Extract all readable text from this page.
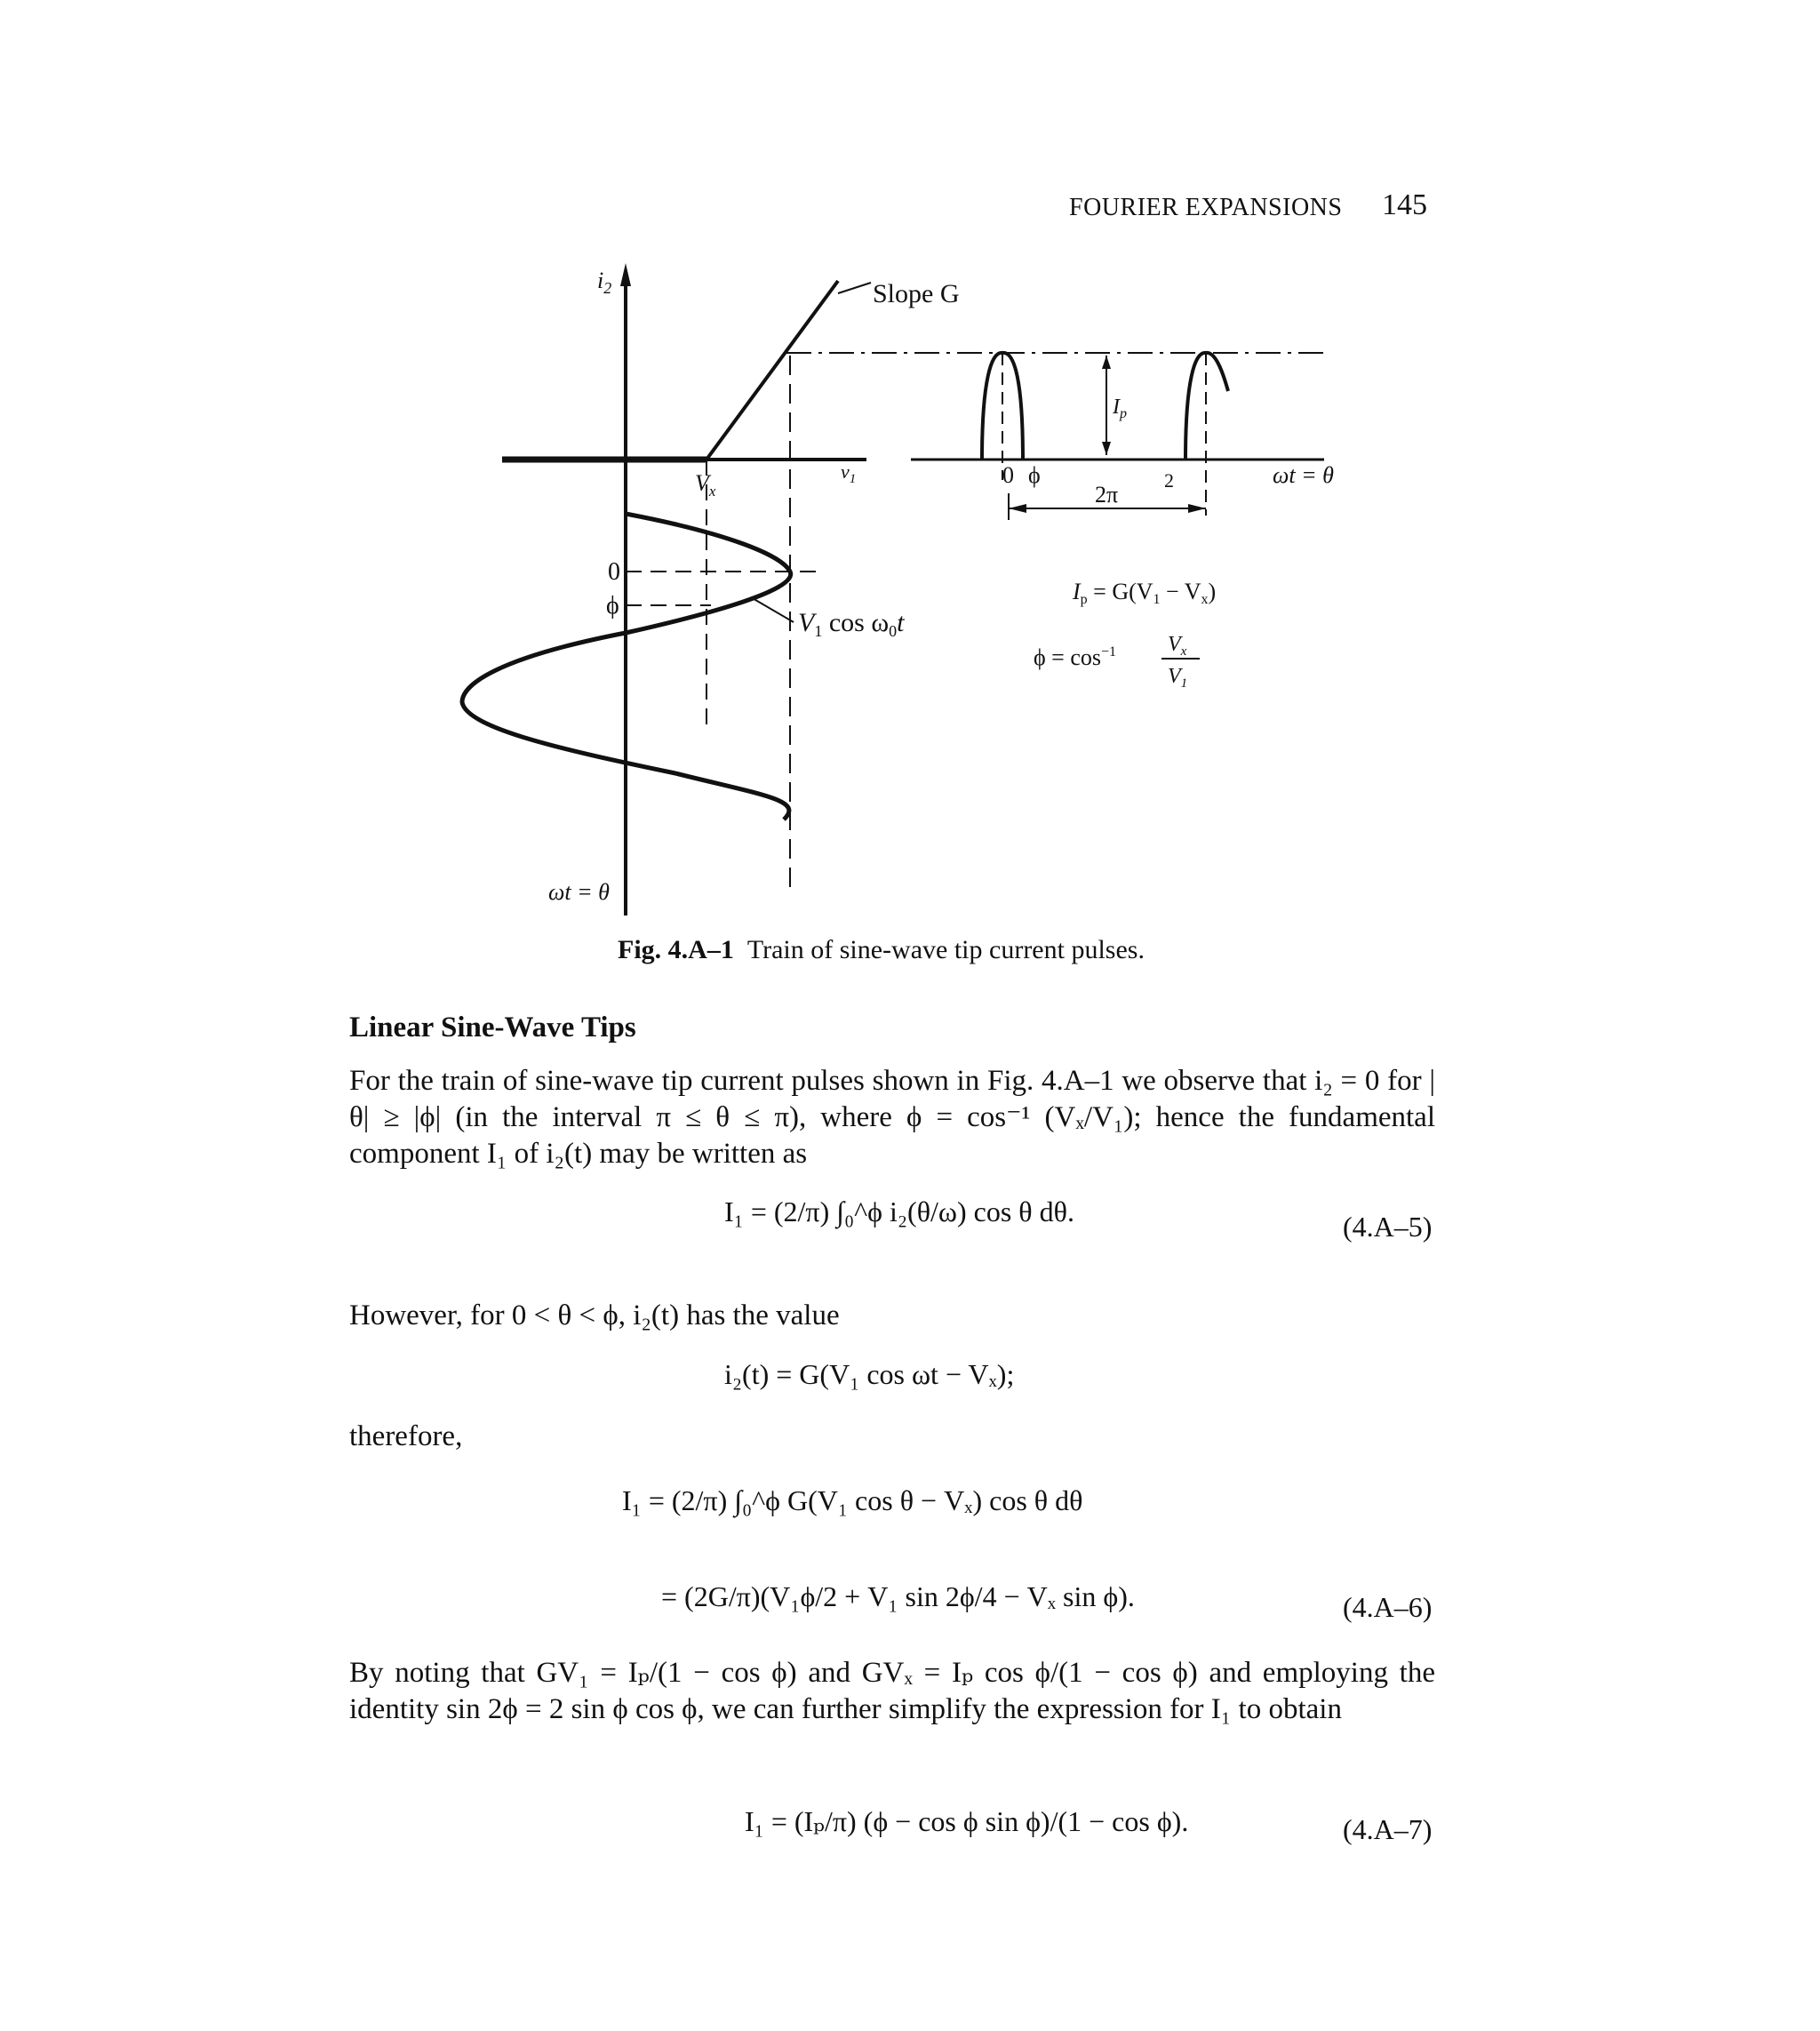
FOURIER EXPANSIONS 145
$i_2$	Slope G
$V_x$
$v_1$
0
ϕ
$V_1$ $\cos \omega_0t$
ωt = θ
0 ϕ
2π
2
$I_p$
ωt = θ
Ip = G(V1 − Vx)
$\phi = \cos^{-1} V_x$
$V_1$
Fig. 4.A–1 Train of sine-wave tip current pulses.
Linear Sine-Wave Tips
For the train of sine-wave tip current pulses shown in Fig. 4.A–1 we observe that i₂ = 0 for |θ| ≥ |ϕ| (in the interval π ≤ θ ≤ π), where ϕ = cos⁻¹ (Vₓ/V₁); hence the fundamental component I₁ of i₂(t) may be written as
I₁ = (2/π) ∫₀^ϕ i₂(θ/ω) cos θ dθ.	(4.A–5)
However, for 0 < θ < ϕ, i₂(t) has the value
i₂(t) = G(V₁ cos ωt − Vₓ);
therefore,
I₁ = (2/π) ∫₀^ϕ G(V₁ cos θ − Vₓ) cos θ dθ
= (2G/π)(V₁ϕ/2 + V₁ sin 2ϕ/4 − Vₓ sin ϕ).	(4.A–6)
By noting that GV₁ = Iₚ/(1 − cos ϕ) and GVₓ = Iₚ cos ϕ/(1 − cos ϕ) and employing the identity sin 2ϕ = 2 sin ϕ cos ϕ, we can further simplify the expression for I₁ to obtain
I₁ = (Iₚ/π) (ϕ − cos ϕ sin ϕ)/(1 − cos ϕ).	(4.A–7)
